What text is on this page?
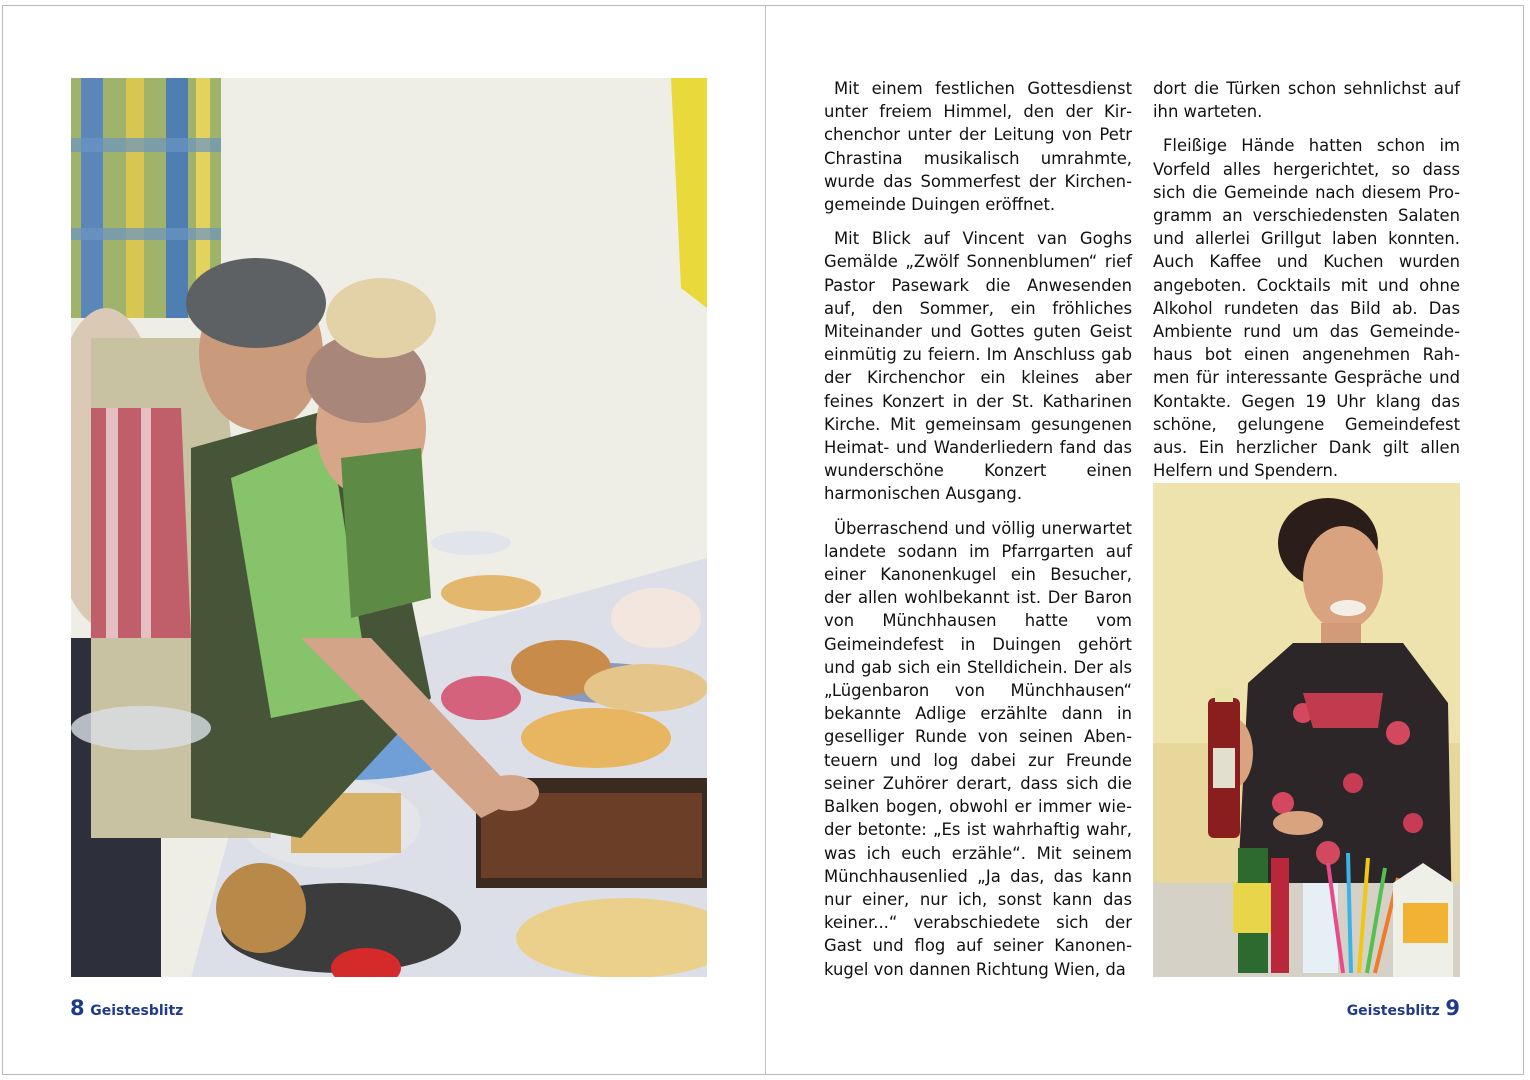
8 Geistesblitz

Mit einem festlichen Gottesdienst unter freiem Himmel, den der Kirchenchor unter der Leitung von Petr Chrastina musikalisch umrahmte, wurde das Sommerfest der Kirchengemeinde Duingen eröffnet.

Mit Blick auf Vincent van Goghs Gemälde „Zwölf Sonnenblumen“ rief Pastor Pasewark die Anwesenden auf, den Sommer, ein fröhliches Miteinander und Gottes guten Geist einmütig zu feiern. Im Anschluss gab der Kirchenchor ein kleines aber feines Konzert in der St. Katharinen Kirche. Mit gemeinsam gesungenen Heimat- und Wanderliedern fand das wunderschöne Konzert einen harmonischen Ausgang.

Überraschend und völlig unerwartet landete sodann im Pfarrgarten auf einer Kanonenkugel ein Besucher, der allen wohlbekannt ist. Der Baron von Münchhausen hatte vom Geimeindefest in Duingen gehört und gab sich ein Stelldichein. Der als „Lügenbaron von Münchhausen“ bekannte Adlige erzählte dann in geselliger Runde von seinen Abenteuern und log dabei zur Freunde seiner Zuhörer derart, dass sich die Balken bogen, obwohl er immer wieder betonte: „Es ist wahrhaftig wahr, was ich euch erzähle“. Mit seinem Münchhausenlied „Ja das, das kann nur einer, nur ich, sonst kann das keiner...“ verabschiedete sich der Gast und flog auf seiner Kanonenkugel von dannen Richtung Wien, da

dort die Türken schon sehnlichst auf ihn warteten.

Fleißige Hände hatten schon im Vorfeld alles hergerichtet, so dass sich die Gemeinde nach diesem Programm an verschiedensten Salaten und allerlei Grillgut laben konnten. Auch Kaffee und Kuchen wurden angeboten. Cocktails mit und ohne Alkohol rundeten das Bild ab. Das Ambiente rund um das Gemeindehaus bot einen angenehmen Rahmen für interessante Gespräche und Kontakte. Gegen 19 Uhr klang das schöne, gelungene Gemeindefest aus. Ein herzlicher Dank gilt allen Helfern und Spendern.

Geistesblitz 9
